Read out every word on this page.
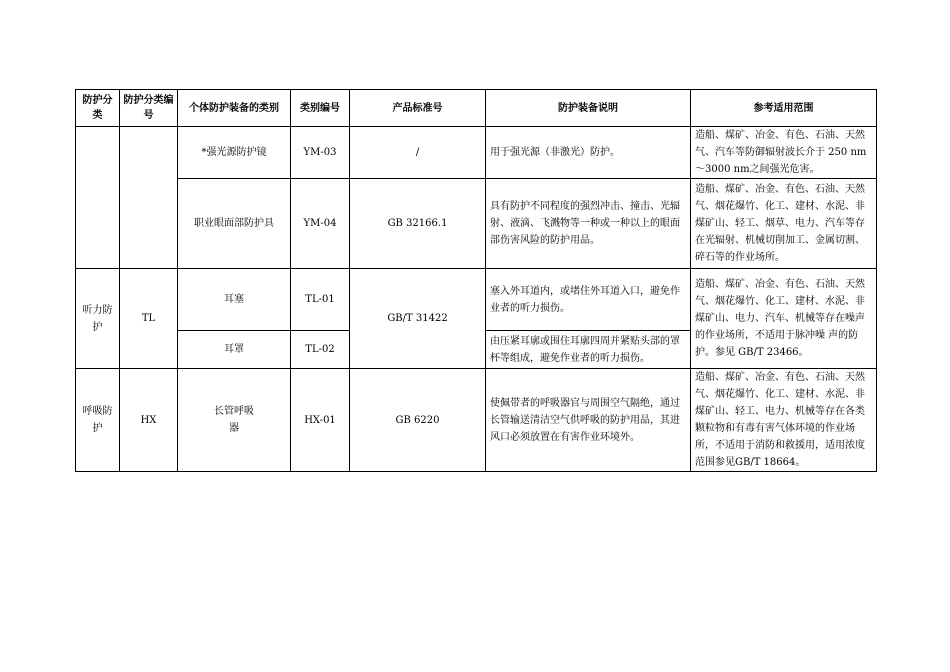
防护分类	防护分类编号	个体防护装备的类别	类别编号	产品标准号	防护装备说明	参考适用范围
		*强光源防护镜	YM-03	/	用于强光源（非激光）防护。	造船、煤矿、冶金、有色、石油、天然气、汽车等防御辐射波长介于 250 nm ～3000 nm之间强光危害。
		职业眼面部防护具	YM-04	GB 32166.1	具有防护不同程度的强烈冲击、撞击、光辐射、液滴、飞溅物等一种或一种以上的眼面部伤害风险的防护用品。	造船、煤矿、冶金、有色、石油、天然气、烟花爆竹、化工、建材、水泥、非煤矿山、轻工、烟草、电力、汽车等存在光辐射、机械切削加工、金属切割、碎石等的作业场所。
听力防护	TL	耳塞	TL-01	GB/T 31422	塞入外耳道内，或堵住外耳道入口，避免作业者的听力损伤。	造船、煤矿、冶金、有色、石油、天然气、烟花爆竹、化工、建材、水泥、非煤矿山、电力、汽车、机械等存在噪声的作业场所，不适用于脉冲噪 声的防护。参见 GB/T 23466。
		耳罩	TL-02		由压紧耳廓或围住耳廓四周并紧贴头部的罩杯等组成，避免作业者的听力损伤。	
呼吸防护	HX	长管呼吸器	HX-01	GB 6220	使佩带者的呼吸器官与周围空气隔绝，通过长管输送清洁空气供呼吸的防护用品，其进风口必须放置在有害作业环境外。	造船、煤矿、冶金、有色、石油、天然气、烟花爆竹、化工、建材、水泥、非煤矿山、轻工、电力、机械等存在各类颗粒物和有毒有害气体环境的作业场所，不适用于消防和救援用，适用浓度范围参见GB/T 18664。
